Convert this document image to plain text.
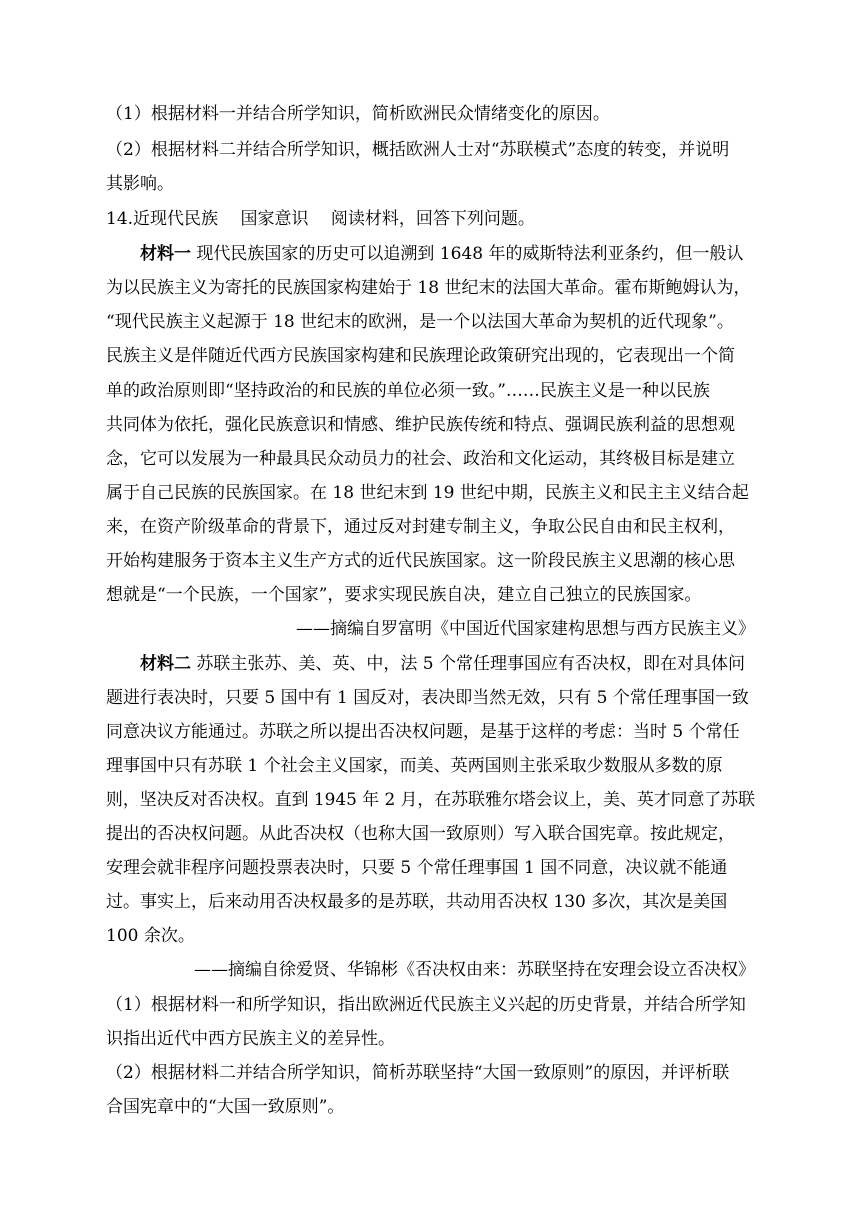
（1）根据材料一并结合所学知识，简析欧洲民众情绪变化的原因。
（2）根据材料二并结合所学知识，概括欧洲人士对“苏联模式”态度的转变，并说明
其影响。
14.近现代民族　 国家意识　 阅读材料，回答下列问题。
材料一 现代民族国家的历史可以追溯到 1648 年的威斯特法利亚条约，但一般认
为以民族主义为寄托的民族国家构建始于 18 世纪末的法国大革命。霍布斯鲍姆认为，
“现代民族主义起源于 18 世纪末的欧洲，是一个以法国大革命为契机的近代现象”。
民族主义是伴随近代西方民族国家构建和民族理论政策研究出现的，它表现出一个简
单的政治原则即“坚持政治的和民族的单位必须一致。”……民族主义是一种以民族
共同体为依托，强化民族意识和情感、维护民族传统和特点、强调民族利益的思想观
念，它可以发展为一种最具民众动员力的社会、政治和文化运动，其终极目标是建立
属于自己民族的民族国家。在 18 世纪末到 19 世纪中期，民族主义和民主主义结合起
来，在资产阶级革命的背景下，通过反对封建专制主义，争取公民自由和民主权利，
开始构建服务于资本主义生产方式的近代民族国家。这一阶段民族主义思潮的核心思
想就是“一个民族，一个国家”，要求实现民族自决，建立自己独立的民族国家。
——摘编自罗富明《中国近代国家建构思想与西方民族主义》
材料二 苏联主张苏、美、英、中，法 5 个常任理事国应有否决权，即在对具体问
题进行表决时，只要 5 国中有 1 国反对，表决即当然无效，只有 5 个常任理事国一致
同意决议方能通过。苏联之所以提出否决权问题，是基于这样的考虑：当时 5 个常任
理事国中只有苏联 1 个社会主义国家，而美、英两国则主张采取少数服从多数的原
则，坚决反对否决权。直到 1945 年 2 月，在苏联雅尔塔会议上，美、英才同意了苏联
提出的否决权问题。从此否决权（也称大国一致原则）写入联合国宪章。按此规定，
安理会就非程序问题投票表决时，只要 5 个常任理事国 1 国不同意，决议就不能通
过。事实上，后来动用否决权最多的是苏联，共动用否决权 130 多次，其次是美国
100 余次。
——摘编自徐爱贤、华锦彬《否决权由来：苏联坚持在安理会设立否决权》
（1）根据材料一和所学知识，指出欧洲近代民族主义兴起的历史背景，并结合所学知
识指出近代中西方民族主义的差异性。
（2）根据材料二并结合所学知识，简析苏联坚持“大国一致原则”的原因，并评析联
合国宪章中的“大国一致原则”。
